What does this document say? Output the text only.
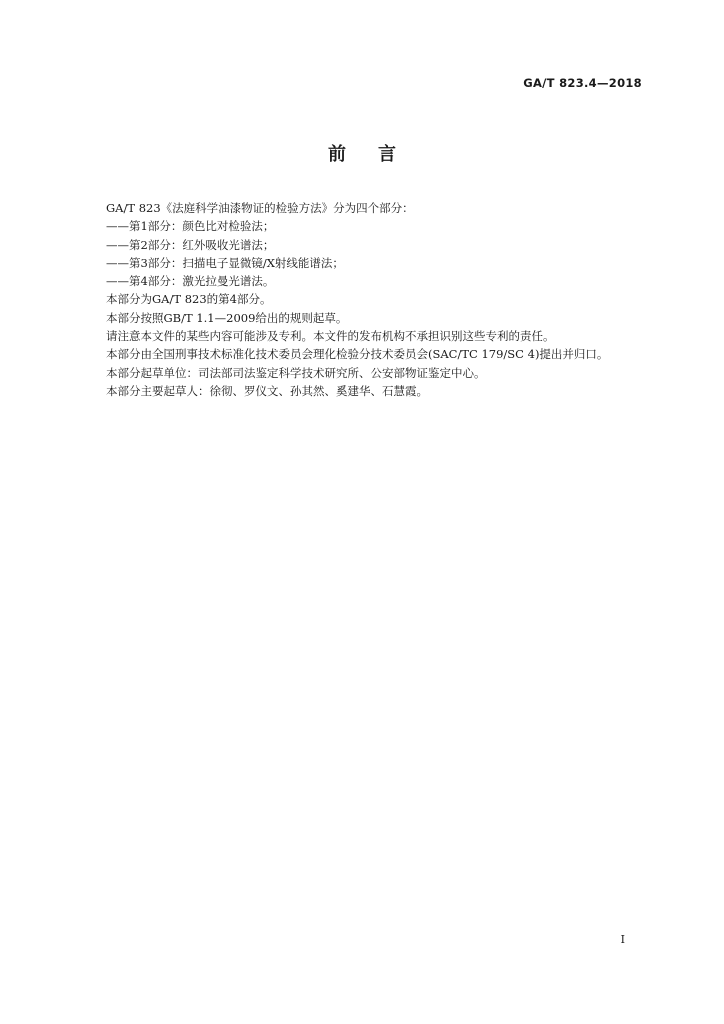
GA/T 823.4—2018
前言

GA/T 823《法庭科学油漆物证的检验方法》分为四个部分：

——第1部分：颜色比对检验法；

——第2部分：红外吸收光谱法；

——第3部分：扫描电子显微镜/X射线能谱法；

——第4部分：激光拉曼光谱法。

本部分为GA/T 823的第4部分。

本部分按照GB/T 1.1—2009给出的规则起草。

请注意本文件的某些内容可能涉及专利。本文件的发布机构不承担识别这些专利的责任。

本部分由全国刑事技术标准化技术委员会理化检验分技术委员会(SAC/TC 179/SC 4)提出并归口。

本部分起草单位：司法部司法鉴定科学技术研究所、公安部物证鉴定中心。

本部分主要起草人：徐彻、罗仪文、孙其然、奚建华、石慧霞。

I
